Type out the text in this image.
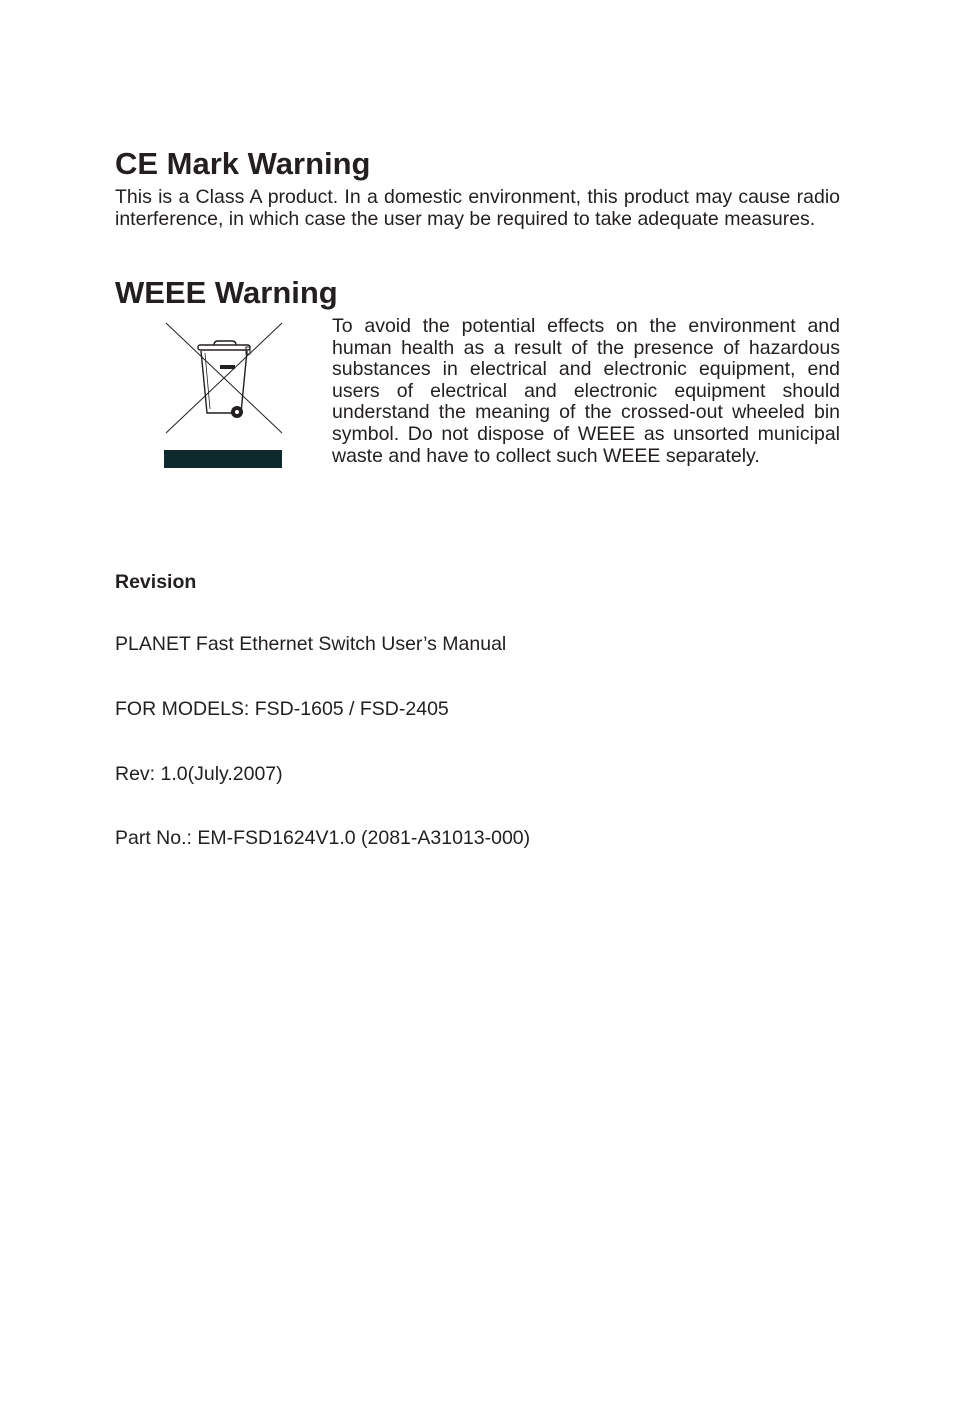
CE Mark Warning

This is a Class A product. In a domestic environment, this product may cause radio interference, in which case the user may be required to take adequate measures.

WEEE Warning

To avoid the potential effects on the environment and human health as a result of the presence of hazardous substances in electrical and electronic equipment, end users of electrical and electronic equipment should understand the meaning of the crossed-out wheeled bin symbol. Do not dispose of WEEE as unsorted municipal waste and have to collect such WEEE separately.

Revision

PLANET Fast Ethernet Switch User’s Manual

FOR MODELS: FSD-1605 / FSD-2405

Rev: 1.0(July.2007)

Part No.: EM-FSD1624V1.0 (2081-A31013-000)
